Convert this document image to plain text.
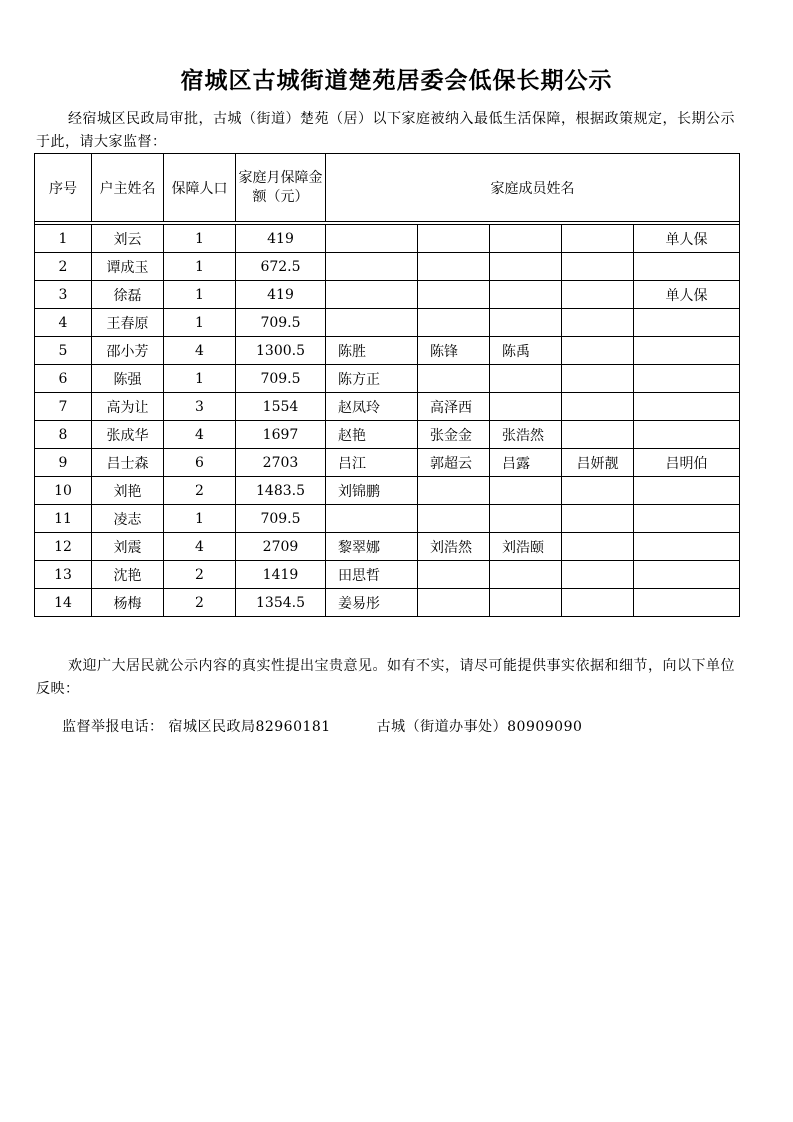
宿城区古城街道楚苑居委会低保长期公示
经宿城区民政局审批，古城（街道）楚苑（居）以下家庭被纳入最低生活保障，根据政策规定，长期公示于此，请大家监督：
序号	户主姓名	保障人口	家庭月保障金额（元）	家庭成员姓名				

1	刘云	1	419					单人保
2	谭成玉	1	672.5					
3	徐磊	1	419					单人保
4	王春原	1	709.5					
5	邵小芳	4	1300.5	陈胜	陈锋	陈禹		
6	陈强	1	709.5	陈方正				
7	高为让	3	1554	赵凤玲	高泽西			
8	张成华	4	1697	赵艳	张金金	张浩然		
9	吕士森	6	2703	吕江	郭超云	吕露	吕妍靓	吕明伯
10	刘艳	2	1483.5	刘锦鹏				
11	凌志	1	709.5					
12	刘震	4	2709	黎翠娜	刘浩然	刘浩颐		
13	沈艳	2	1419	田思哲				
14	杨梅	2	1354.5	姜易彤				
欢迎广大居民就公示内容的真实性提出宝贵意见。如有不实，请尽可能提供事实依据和细节，向以下单位反映：
监督举报电话： 宿城区民政局82960181	古城（街道办事处）80909090
